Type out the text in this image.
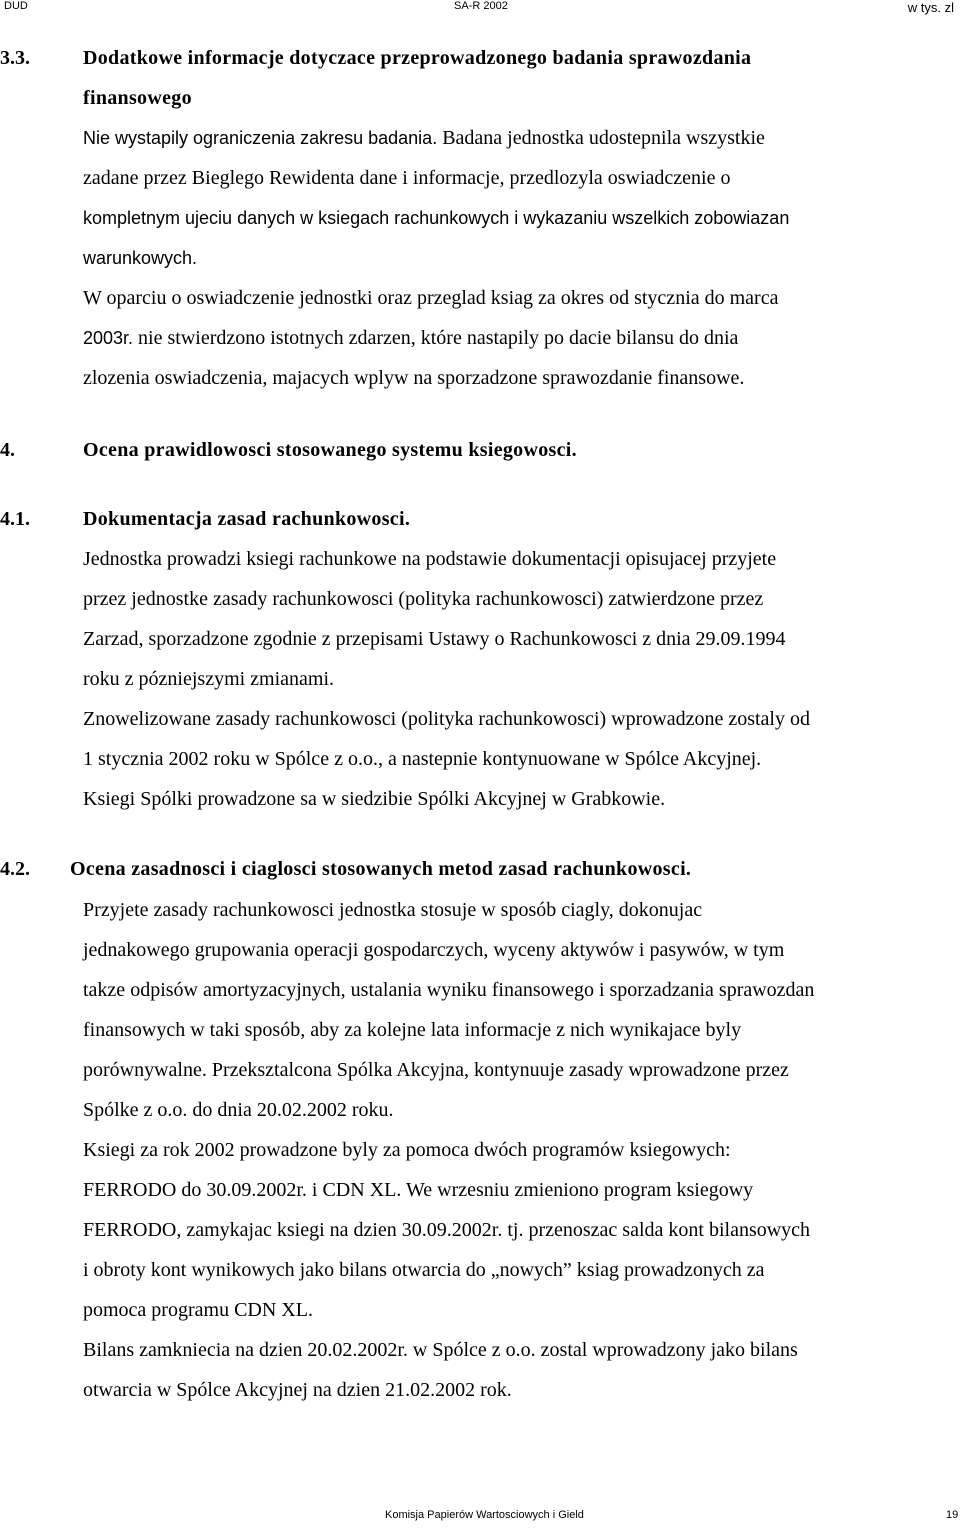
DUD	SA-R 2002	w tys. zl
3.3.	Dodatkowe informacje dotyczace przeprowadzonego badania sprawozdania
finansowego
Nie wystapily ograniczenia zakresu badania. Badana jednostka udostepnila wszystkie
zadane przez Bieglego Rewidenta dane i informacje, przedlozyla oswiadczenie o
kompletnym ujeciu danych w ksiegach rachunkowych i wykazaniu wszelkich zobowiazan
warunkowych.
W oparciu o oswiadczenie jednostki oraz przeglad ksiag za okres od stycznia do marca
2003r. nie stwierdzono istotnych zdarzen, które nastapily po dacie bilansu do dnia
zlozenia oswiadczenia, majacych wplyw na sporzadzone sprawozdanie finansowe.
4.	Ocena prawidlowosci stosowanego systemu ksiegowosci.
4.1.	Dokumentacja zasad rachunkowosci.
Jednostka prowadzi ksiegi rachunkowe na podstawie dokumentacji opisujacej przyjete
przez jednostke zasady rachunkowosci (polityka rachunkowosci) zatwierdzone przez
Zarzad, sporzadzone zgodnie z przepisami Ustawy o Rachunkowosci z dnia 29.09.1994
roku z pózniejszymi zmianami.
Znowelizowane zasady rachunkowosci (polityka rachunkowosci) wprowadzone zostaly od
1 stycznia 2002 roku w Spólce z o.o., a nastepnie kontynuowane w Spólce Akcyjnej.
Ksiegi Spólki prowadzone sa w siedzibie Spólki Akcyjnej w Grabkowie.
4.2. Ocena zasadnosci i ciaglosci stosowanych metod zasad rachunkowosci.
Przyjete zasady rachunkowosci jednostka stosuje w sposób ciagly, dokonujac
jednakowego grupowania operacji gospodarczych, wyceny aktywów i pasywów, w tym
takze odpisów amortyzacyjnych, ustalania wyniku finansowego i sporzadzania sprawozdan
finansowych w taki sposób, aby za kolejne lata informacje z nich wynikajace byly
porównywalne. Przeksztalcona Spólka Akcyjna, kontynuuje zasady wprowadzone przez
Spólke z o.o. do dnia 20.02.2002 roku.
Ksiegi za rok 2002 prowadzone byly za pomoca dwóch programów ksiegowych:
FERRODO do 30.09.2002r. i CDN XL. We wrzesniu zmieniono program ksiegowy
FERRODO, zamykajac ksiegi na dzien 30.09.2002r. tj. przenoszac salda kont bilansowych
i obroty kont wynikowych jako bilans otwarcia do „nowych” ksiag prowadzonych za
pomoca programu CDN XL.
Bilans zamkniecia na dzien 20.02.2002r. w Spólce z o.o. zostal wprowadzony jako bilans
otwarcia w Spólce Akcyjnej na dzien 21.02.2002 rok.
Komisja Papierów Wartosciowych i Gield	19
